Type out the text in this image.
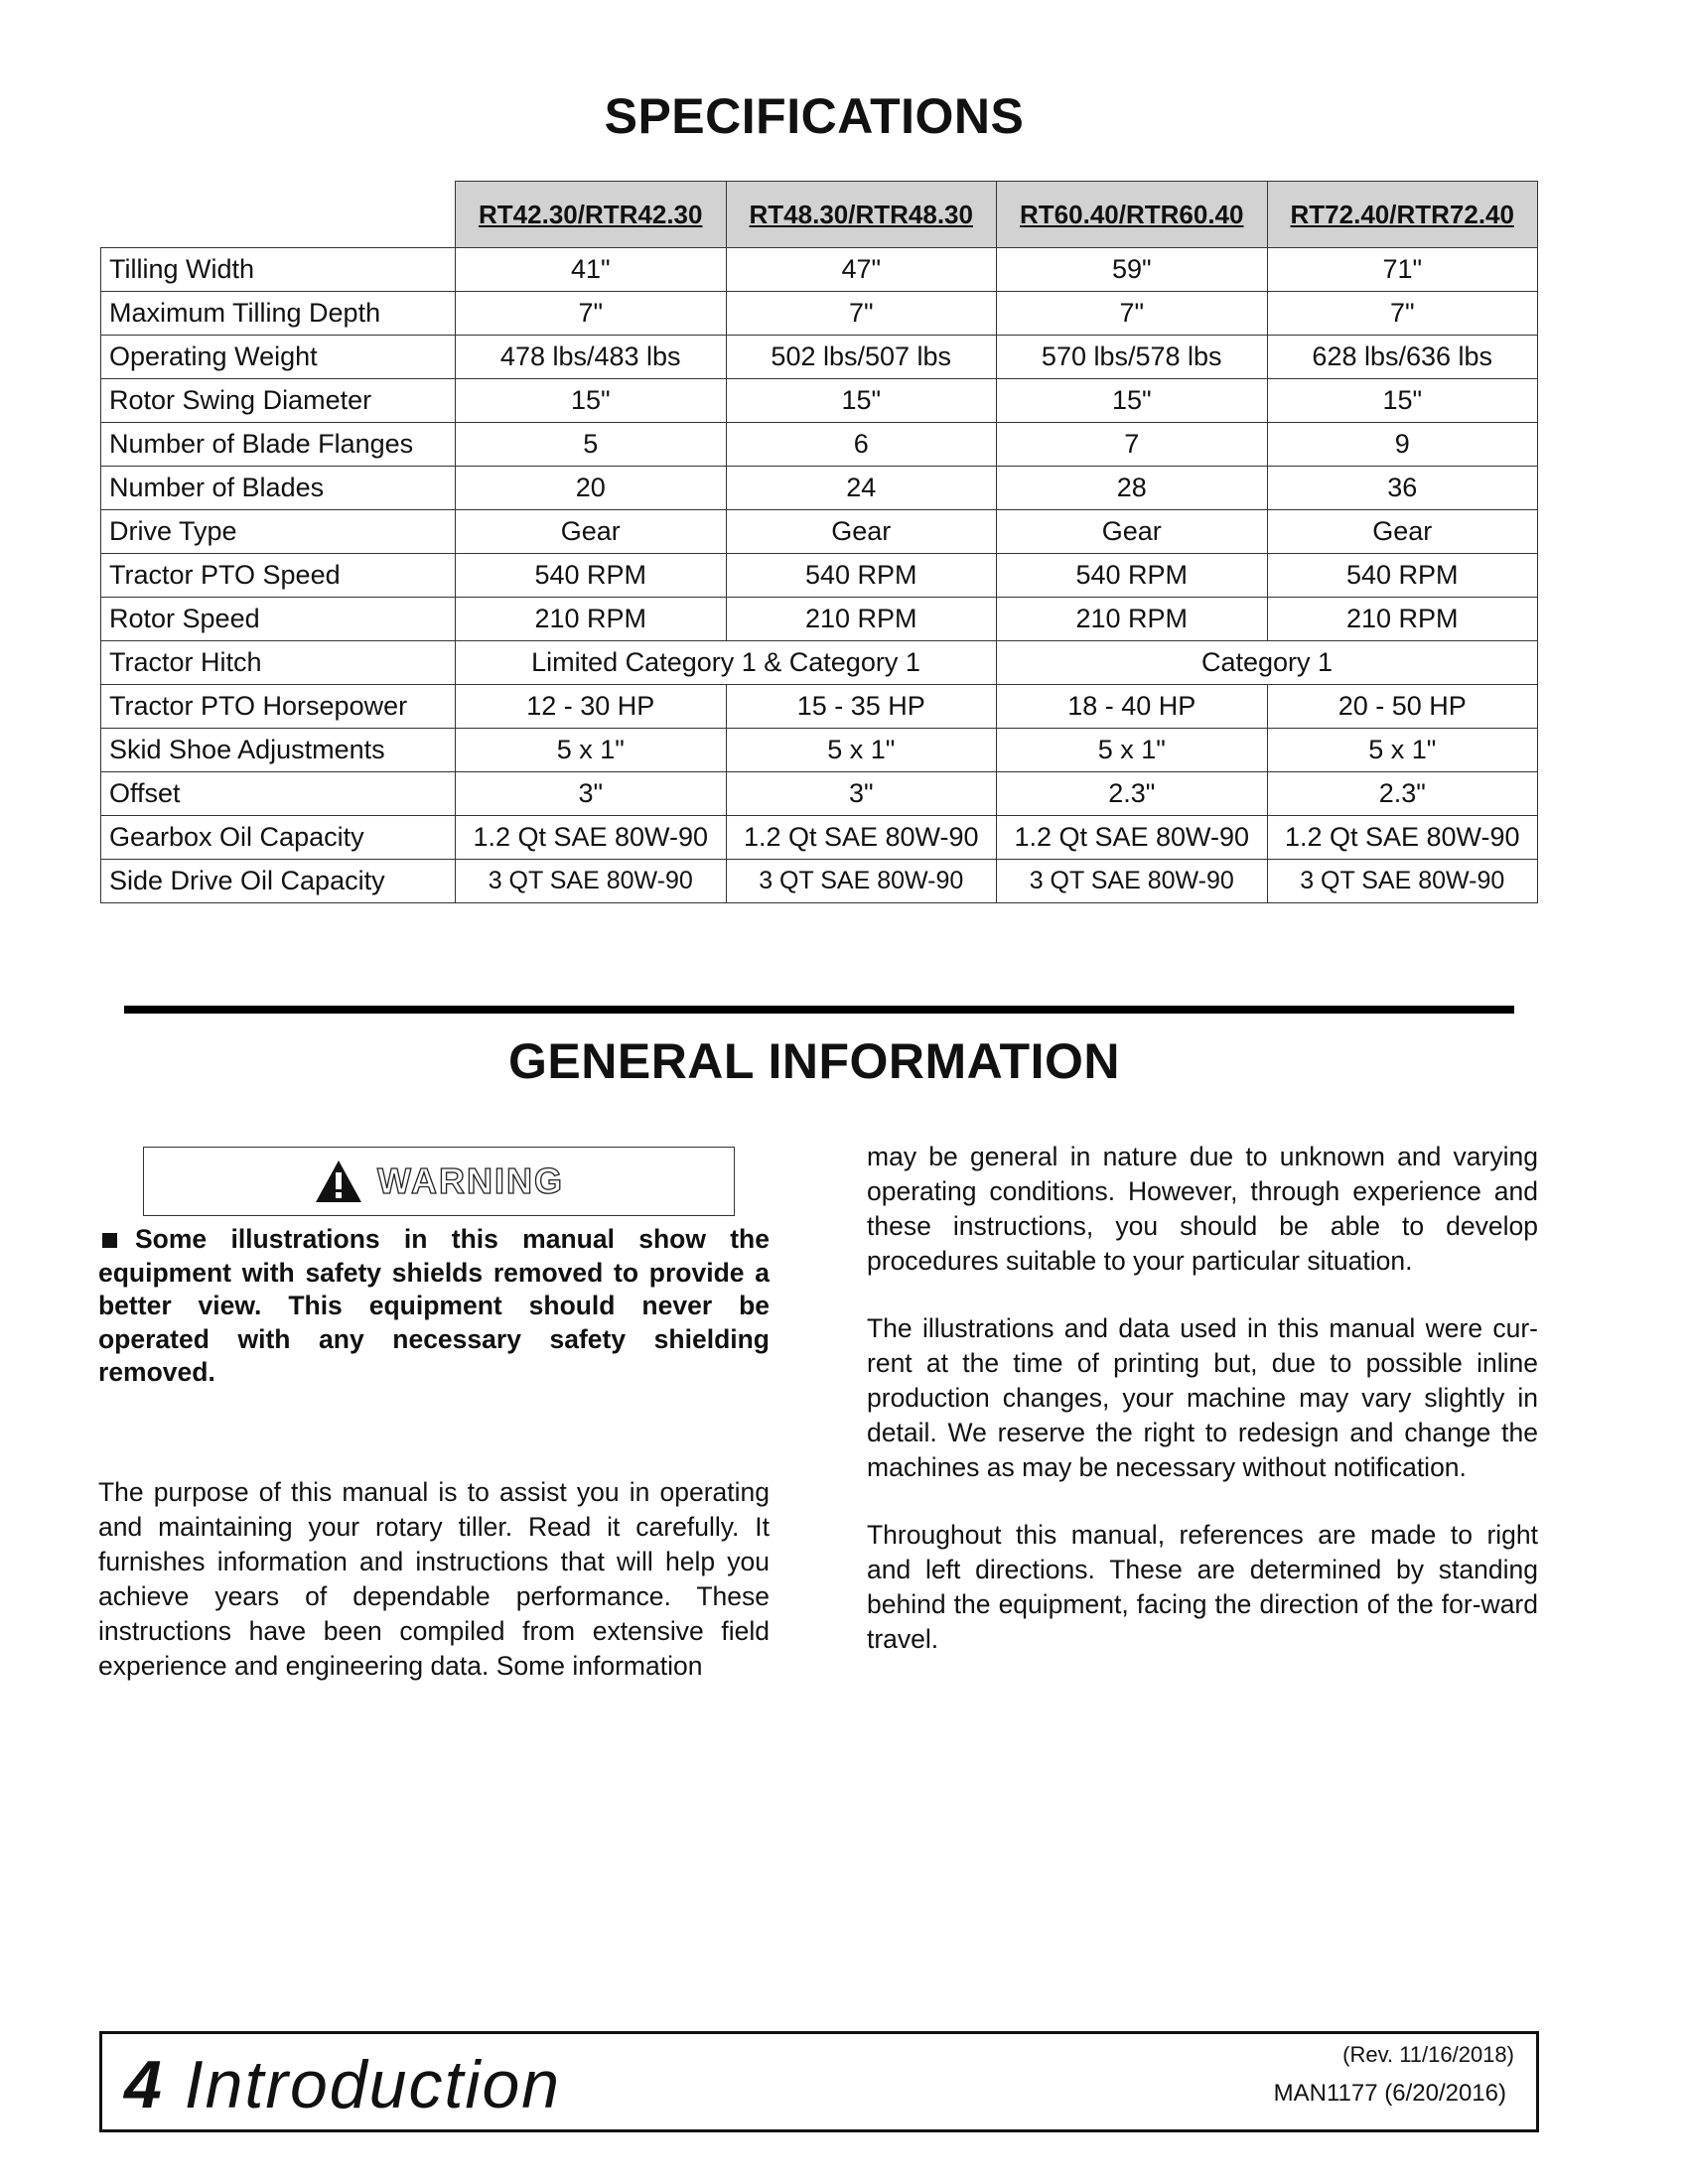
SPECIFICATIONS
	RT42.30/RTR42.30	RT48.30/RTR48.30	RT60.40/RTR60.40	RT72.40/RTR72.40
Tilling Width	41"	47"	59"	71"
Maximum Tilling Depth	7"	7"	7"	7"
Operating Weight	478 lbs/483 lbs	502 lbs/507 lbs	570 lbs/578 lbs	628 lbs/636 lbs
Rotor Swing Diameter	15"	15"	15"	15"
Number of Blade Flanges	5	6	7	9
Number of Blades	20	24	28	36
Drive Type	Gear	Gear	Gear	Gear
Tractor PTO Speed	540 RPM	540 RPM	540 RPM	540 RPM
Rotor Speed	210 RPM	210 RPM	210 RPM	210 RPM
Tractor Hitch	Limited Category 1 & Category 1		Category 1	
Tractor PTO Horsepower	12 - 30 HP	15 - 35 HP	18 - 40 HP	20 - 50 HP
Skid Shoe Adjustments	5 x 1"	5 x 1"	5 x 1"	5 x 1"
Offset	3"	3"	2.3"	2.3"
Gearbox Oil Capacity	1.2 Qt SAE 80W-90	1.2 Qt SAE 80W-90	1.2 Qt SAE 80W-90	1.2 Qt SAE 80W-90
Side Drive Oil Capacity	3 QT SAE 80W-90	3 QT SAE 80W-90	3 QT SAE 80W-90	3 QT SAE 80W-90
GENERAL INFORMATION
WARNING

Some illustrations in this manual show the equipment with safety shields removed to provide a better view. This equipment should never be operated with any necessary safety shielding removed.

The purpose of this manual is to assist you in operating and maintaining your rotary tiller. Read it carefully. It furnishes information and instructions that will help you achieve years of dependable performance. These instructions have been compiled from extensive field experience and engineering data. Some information

may be general in nature due to unknown and varying operating conditions. However, through experience and these instructions, you should be able to develop procedures suitable to your particular situation.

The illustrations and data used in this manual were cur-rent at the time of printing but, due to possible inline production changes, your machine may vary slightly in detail. We reserve the right to redesign and change the machines as may be necessary without notification.

Throughout this manual, references are made to right and left directions. These are determined by standing behind the equipment, facing the direction of the for-ward travel.

4 Introduction	(Rev. 11/16/2018)
MAN1177 (6/20/2016)
